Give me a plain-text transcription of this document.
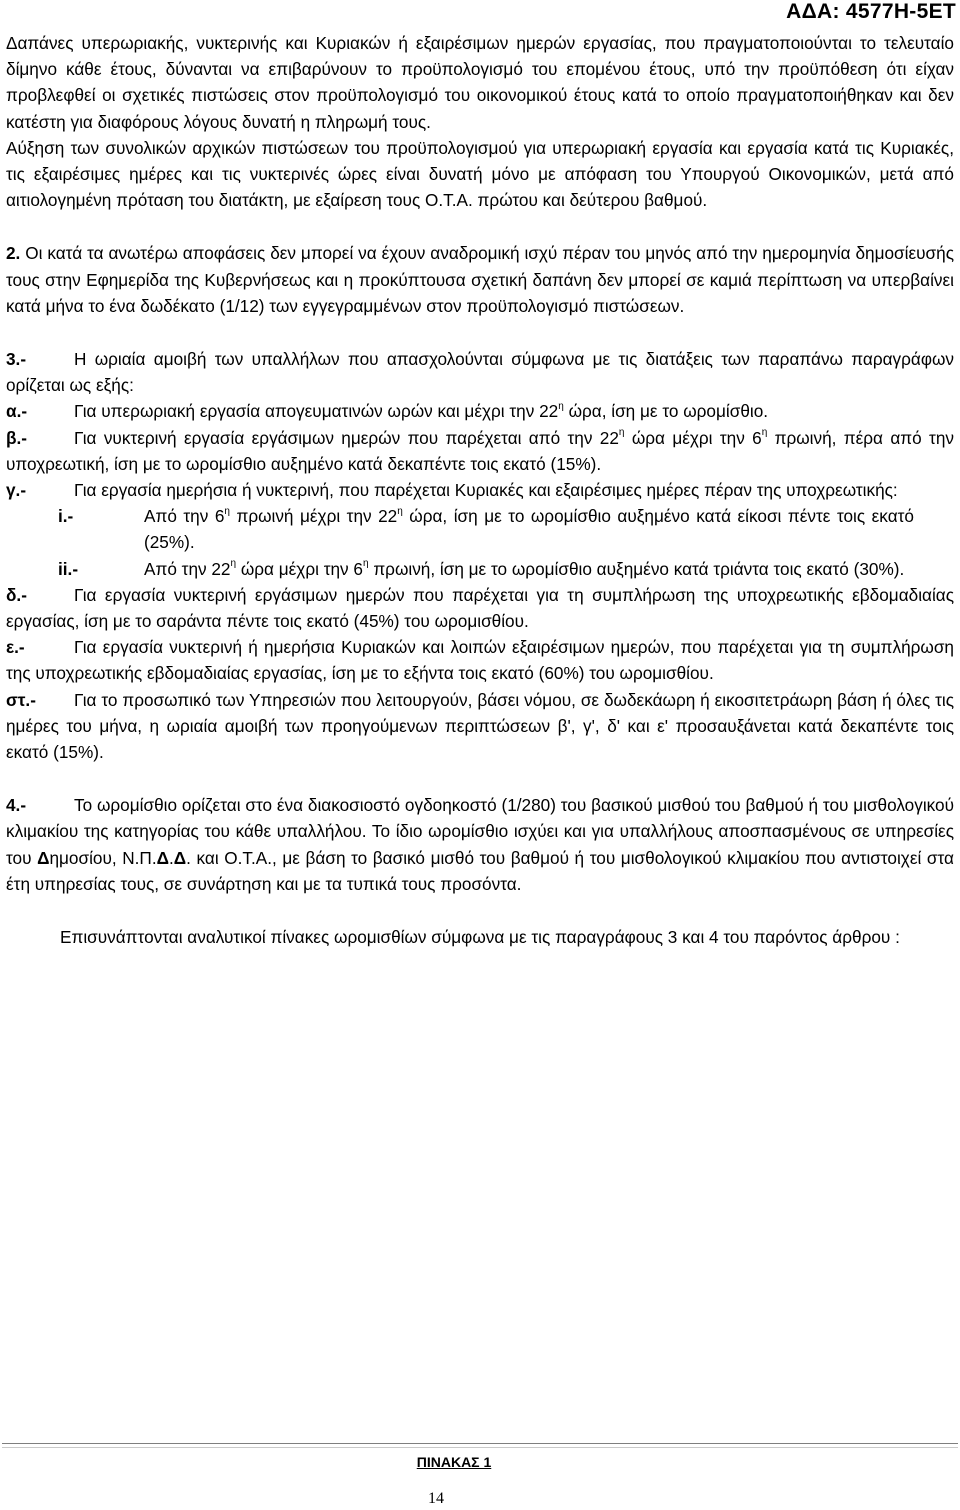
ΑΔΑ: 4577Η-5ΕΤ

Δαπάνες υπερωριακής, νυκτερινής και Κυριακών ή εξαιρέσιμων ημερών εργασίας, που πραγματοποιούνται το τελευταίο δίμηνο κάθε έτους, δύνανται να επιβαρύνουν το προϋπολογισμό του επομένου έτους, υπό την προϋπόθεση ότι είχαν προβλεφθεί οι σχετικές πιστώσεις στον προϋπολογισμό του οικονομικού έτους κατά το οποίο πραγματοποιήθηκαν και δεν κατέστη για διαφόρους λόγους δυνατή η πληρωμή τους.

Αύξηση των συνολικών αρχικών πιστώσεων του προϋπολογισμού για υπερωριακή εργασία και εργασία κατά τις Κυριακές, τις εξαιρέσιμες ημέρες και τις νυκτερινές ώρες είναι δυνατή μόνο με απόφαση του Υπουργού Οικονομικών, μετά από αιτιολογημένη πρόταση του διατάκτη, με εξαίρεση τους Ο.Τ.Α. πρώτου και δεύτερου βαθμού.

2. Οι κατά τα ανωτέρω αποφάσεις δεν μπορεί να έχουν αναδρομική ισχύ πέραν του μηνός από την ημερομηνία δημοσίευσής τους στην Εφημερίδα της Κυβερνήσεως και η προκύπτουσα σχετική δαπάνη δεν μπορεί σε καμιά περίπτωση να υπερβαίνει κατά μήνα το ένα δωδέκατο (1/12) των εγγεγραμμένων στον προϋπολογισμό πιστώσεων.

3.-	Η ωριαία αμοιβή των υπαλλήλων που απασχολούνται σύμφωνα με τις διατάξεις των παραπάνω παραγράφων ορίζεται ως εξής:

α.-	Για υπερωριακή εργασία απογευματινών ωρών και μέχρι την $22^\eta$ ώρα, ίση με το ωρομίσθιο.

β.-	Για νυκτερινή εργασία εργάσιμων ημερών που παρέχεται από την $22^\eta$ ώρα μέχρι την $6^\eta$ πρωινή, πέρα από την υποχρεωτική, ίση με το ωρομίσθιο αυξημένο κατά δεκαπέντε τοις εκατό (15%).

γ.-	Για εργασία ημερήσια ή νυκτερινή, που παρέχεται Κυριακές και εξαιρέσιμες ημέρες πέραν της υποχρεωτικής:

i.-	Από την $6^\eta$ πρωινή μέχρι την $22^\eta$ ώρα, ίση με το ωρομίσθιο αυξημένο κατά είκοσι πέντε τοις εκατό (25%).
ii.-	Από την $22^\eta$ ώρα μέχρι την $6^\eta$ πρωινή, ίση με το ωρομίσθιο αυξημένο κατά τριάντα τοις εκατό (30%).

δ.-	Για εργασία νυκτερινή εργάσιμων ημερών που παρέχεται για τη συμπλήρωση της υποχρεωτικής εβδομαδιαίας εργασίας, ίση με το σαράντα πέντε τοις εκατό (45%) του ωρομισθίου.

ε.-	Για εργασία νυκτερινή ή ημερήσια Κυριακών και λοιπών εξαιρέσιμων ημερών, που παρέχεται για τη συμπλήρωση της υποχρεωτικής εβδομαδιαίας εργασίας, ίση με το εξήντα τοις εκατό (60%) του ωρομισθίου.

στ.- Για το προσωπικό των Υπηρεσιών που λειτουργούν, βάσει νόμου, σε δωδεκάωρη ή εικοσιτετράωρη βάση ή όλες τις ημέρες του μήνα, η ωριαία αμοιβή των προηγούμενων περιπτώσεων β', γ', δ' και ε' προσαυξάνεται κατά δεκαπέντε τοις εκατό (15%).

4.-	Το ωρομίσθιο ορίζεται στο ένα διακοσιοστό ογδοηκοστό (1/280) του βασικού μισθού του βαθμού ή του μισθολογικού κλιμακίου της κατηγορίας του κάθε υπαλλήλου. Το ίδιο ωρομίσθιο ισχύει και για υπαλλήλους αποσπασμένους σε υπηρεσίες του Δημοσίου, Ν.Π.Δ.Δ. και Ο.Τ.Α., με βάση το βασικό μισθό του βαθμού ή του μισθολογικού κλιμακίου που αντιστοιχεί στα έτη υπηρεσίας τους, σε συνάρτηση και με τα τυπικά τους προσόντα.

Επισυνάπτονται αναλυτικοί πίνακες ωρομισθίων σύμφωνα με τις παραγράφους 3 και 4 του παρόντος άρθρου :

ΠΙΝΑΚΑΣ 1
14
